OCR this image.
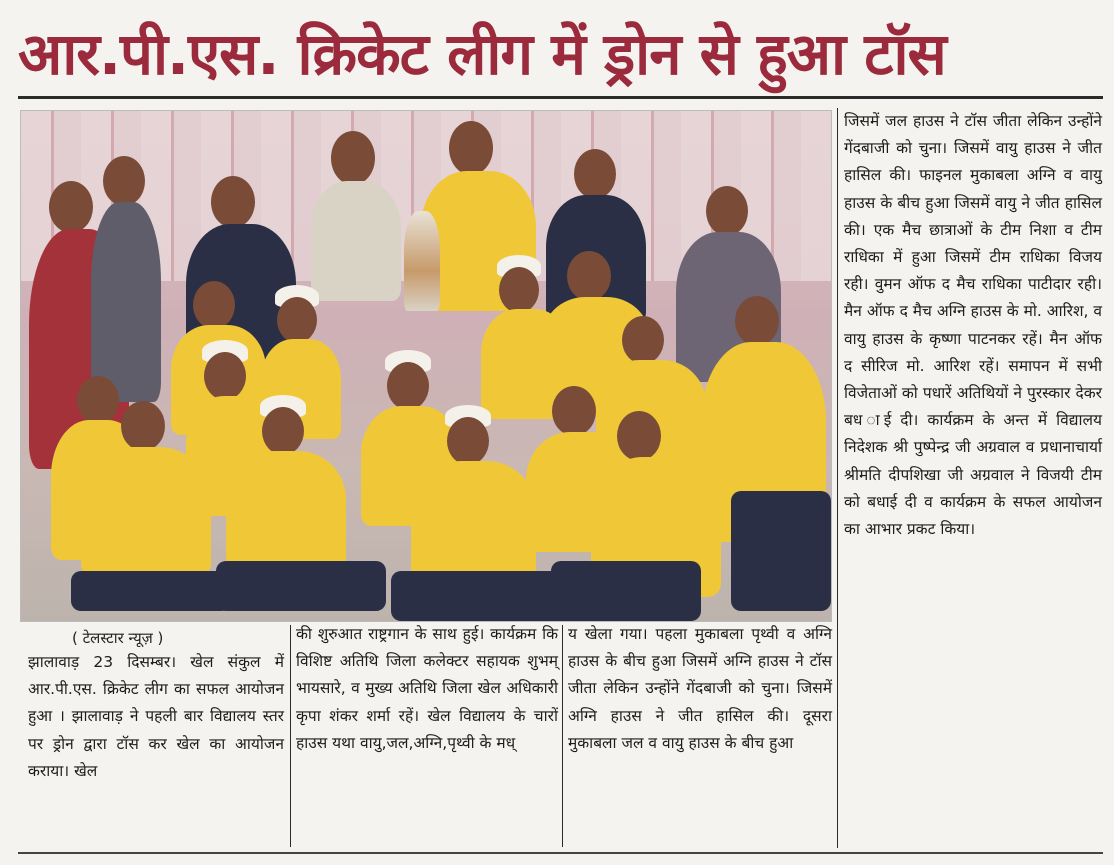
आर.पी.एस. क्रिकेट लीग में ड्रोन से हुआ टॉस
( टेलस्टार न्यूज़ )

झालावाड़ 23 दिसम्बर। खेल संकुल में आर.पी.एस. क्रिकेट लीग का सफल आयोजन हुआ । झालावाड़ ने पहली बार विद्यालय स्तर पर ड्रोन द्वारा टॉस कर खेल का आयोजन कराया। खेल

की शुरुआत राष्ट्रगान के साथ हुई। कार्यक्रम कि विशिष्ट अतिथि जिला कलेक्टर सहायक शुभम् भायसारे, व मुख्य अतिथि जिला खेल अधिकारी कृपा शंकर शर्मा रहें। खेल विद्यालय के चारों हाउस यथा वायु,जल,अग्नि,पृथ्वी के मध्

य खेला गया। पहला मुकाबला पृथ्वी व अग्नि हाउस के बीच हुआ जिसमें अग्नि हाउस ने टॉस जीता लेकिन उन्होंने गेंदबाजी को चुना। जिसमें अग्नि हाउस ने जीत हासिल की। दूसरा मुकाबला जल व वायु हाउस के बीच हुआ

जिसमें जल हाउस ने टॉस जीता लेकिन उन्होंने गेंदबाजी को चुना। जिसमें वायु हाउस ने जीत हासिल की। फाइनल मुकाबला अग्नि व वायु हाउस के बीच हुआ जिसमें वायु ने जीत हासिल की। एक मैच छात्राओं के टीम निशा व टीम राधिका में हुआ जिसमें टीम राधिका विजय रही। वुमन ऑफ द मैच राधिका पाटीदार रही। मैन ऑफ द मैच अग्नि हाउस के मो. आरिश, व वायु हाउस के कृष्णा पाटनकर रहें। मैन ऑफ द सीरिज मो. आरिश रहें। समापन में सभी विजेताओं को पधारें अतिथियों ने पुरस्कार देकर बध ाई दी। कार्यक्रम के अन्त में विद्यालय निदेशक श्री पुष्पेन्द्र जी अग्रवाल व प्रधानाचार्या श्रीमति दीपशिखा जी अग्रवाल ने विजयी टीम को बधाई दी व कार्यक्रम के सफल आयोजन का आभार प्रकट किया।
